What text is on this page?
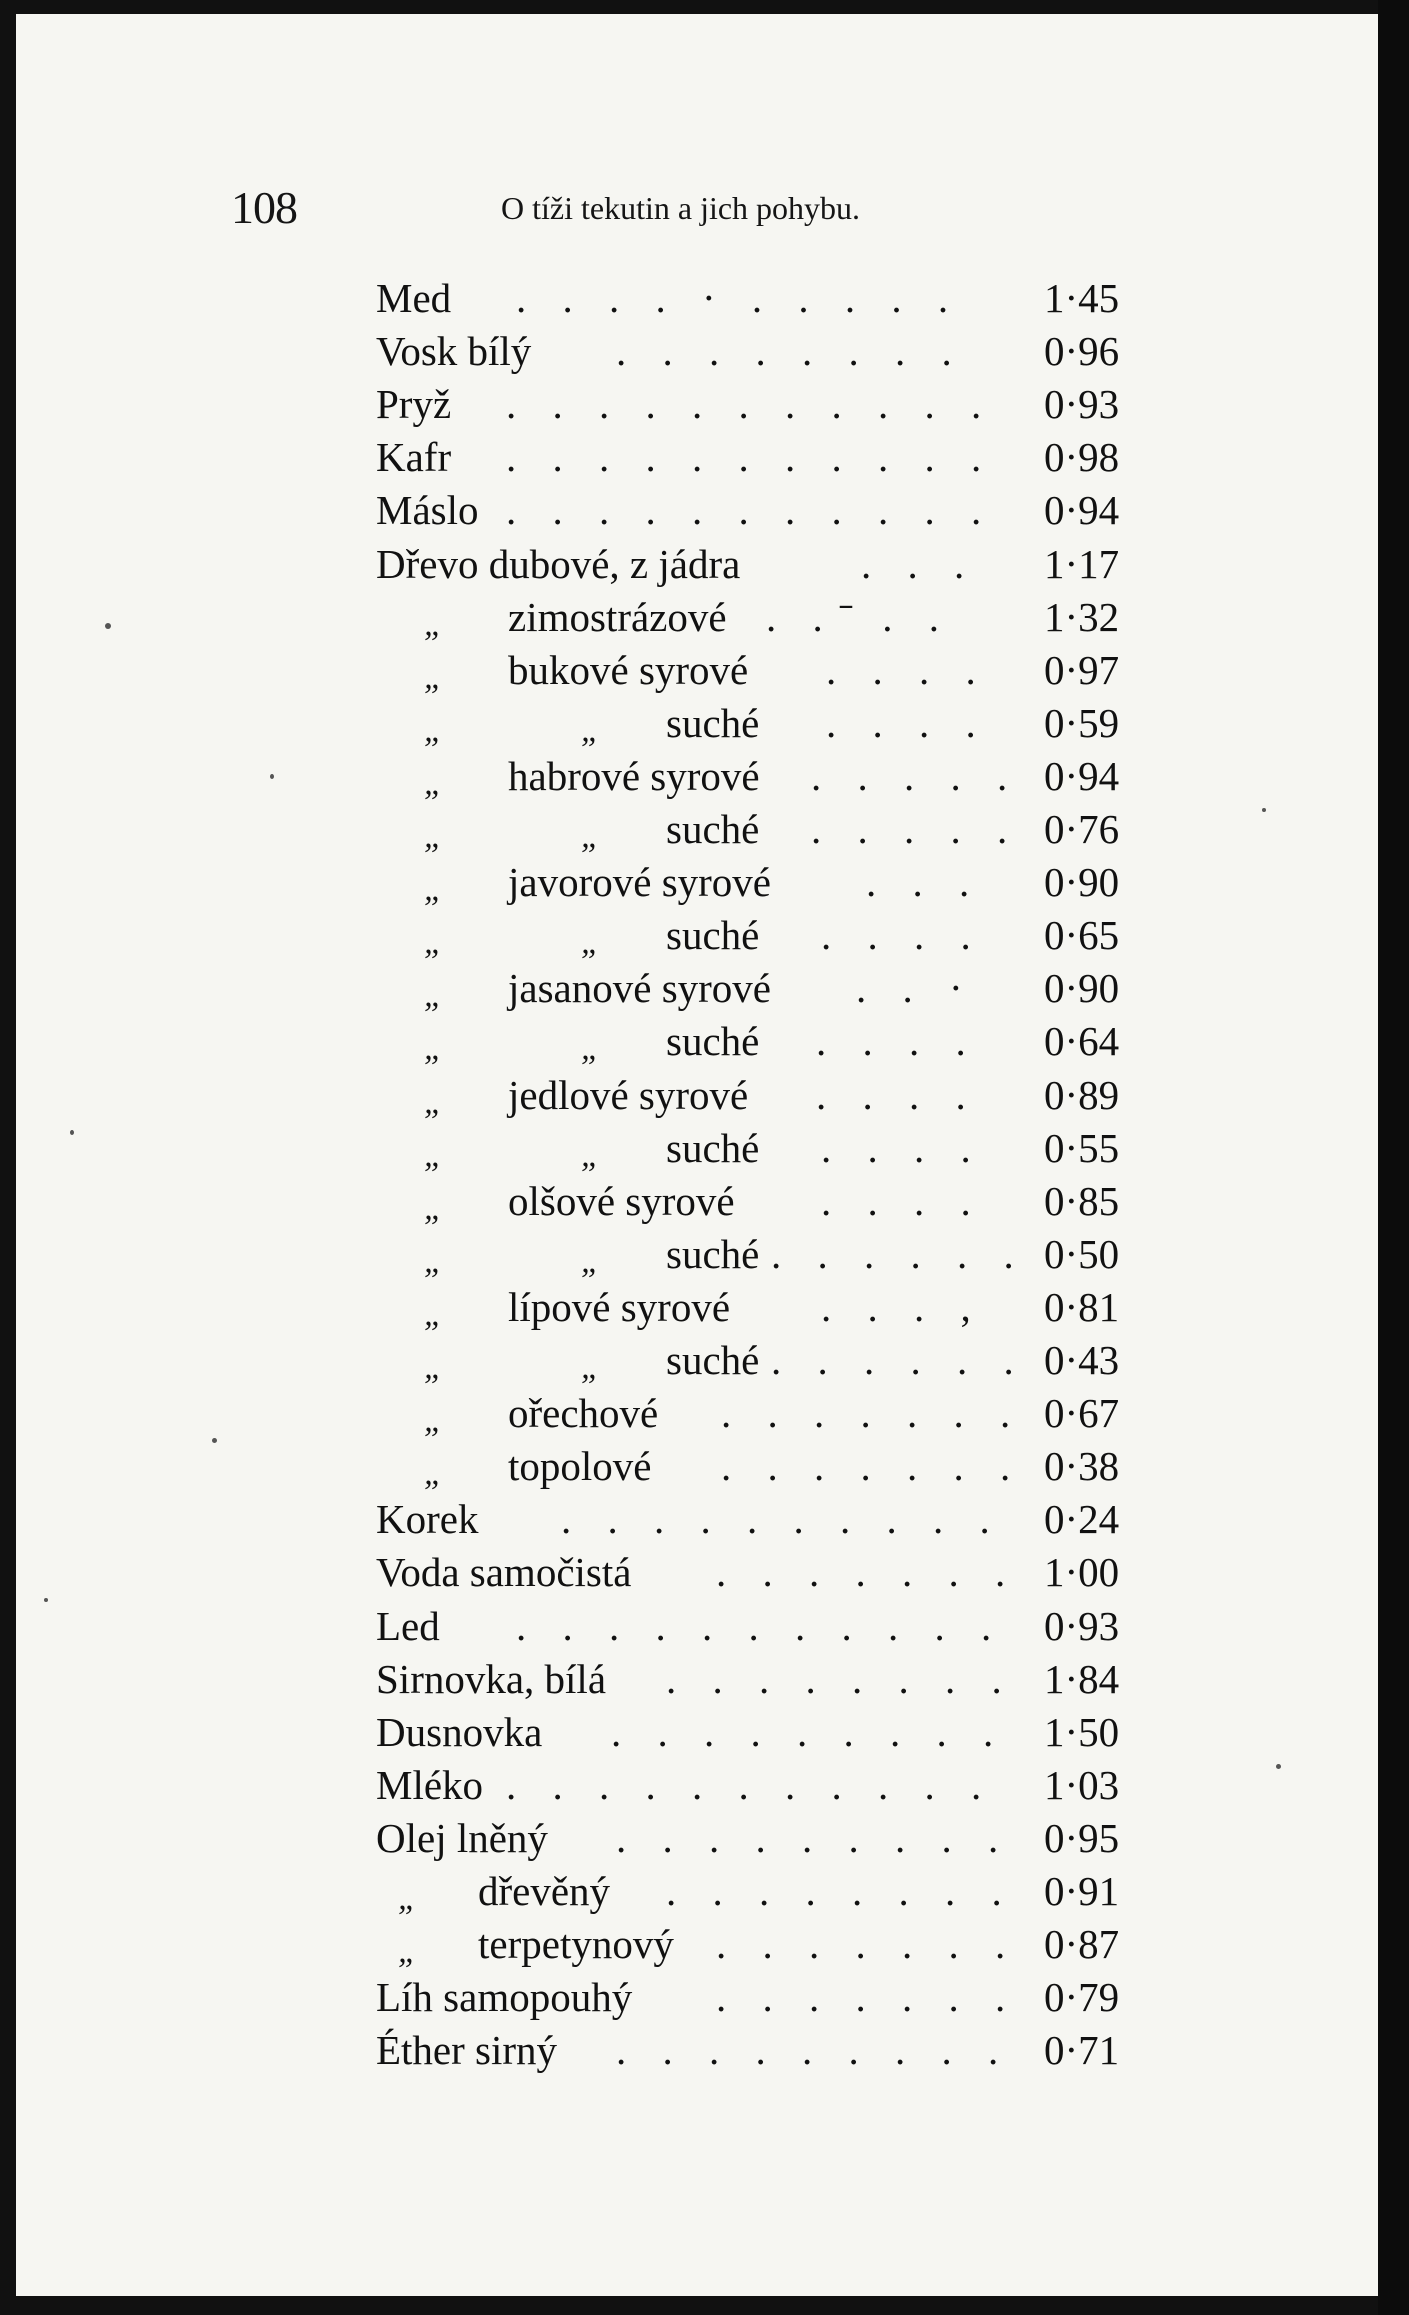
108	O tíži tekutin a jich pohybu.
Med . . . . · . . . . . 1·45
Vosk bílý . . . . . . . . 0·96
Pryž . . . . . . . . . . . 0·93
Kafr . . . . . . . . . . . 0·98
Máslo . . . . . . . . . . . 0·94
Dřevo dubové, z jádra	. . . 1·17
„ zimostrázové . . ̄ . . 1·32
„ bukové syrové . . . . 0·97
„	„ suché . . . . 0·59
„ habrové syrové . . . . . 0·94
„	„ suché . . . . . 0·76
„ javorové syrové . . . 0·90
„	„ suché . . . . 0·65
„ jasanové syrové . . · 0·90
„	„ suché . . . . 0·64
„ jedlové syrové . . . . 0·89
„	„ suché . . . . 0·55
„ olšové syrové . . . . 0·85
„	„ suché . . . . . . 0·50
„ lípové syrové . . . , 0·81
„	„ suché . . . . . . 0·43
„ ořechové . . . . . . . 0·67
„ topolové . . . . . . . 0·38
Korek . . . . . . . . . . 0·24
Voda samočistá . . . . . . . 1·00
Led . . . . . . . . . . . 0·93
Sirnovka, bílá . . . . . . . . 1·84
Dusnovka . . . . . . . . . 1·50
Mléko . . . . . . . . . . . 1·03
Olej lněný . . . . . . . . . 0·95
„ dřevěný . . . . . . . . 0·91
„ terpetynový . . . . . . . 0·87
Líh samopouhý . . . . . . . 0·79
Éther sirný . . . . . . . . . 0·71
